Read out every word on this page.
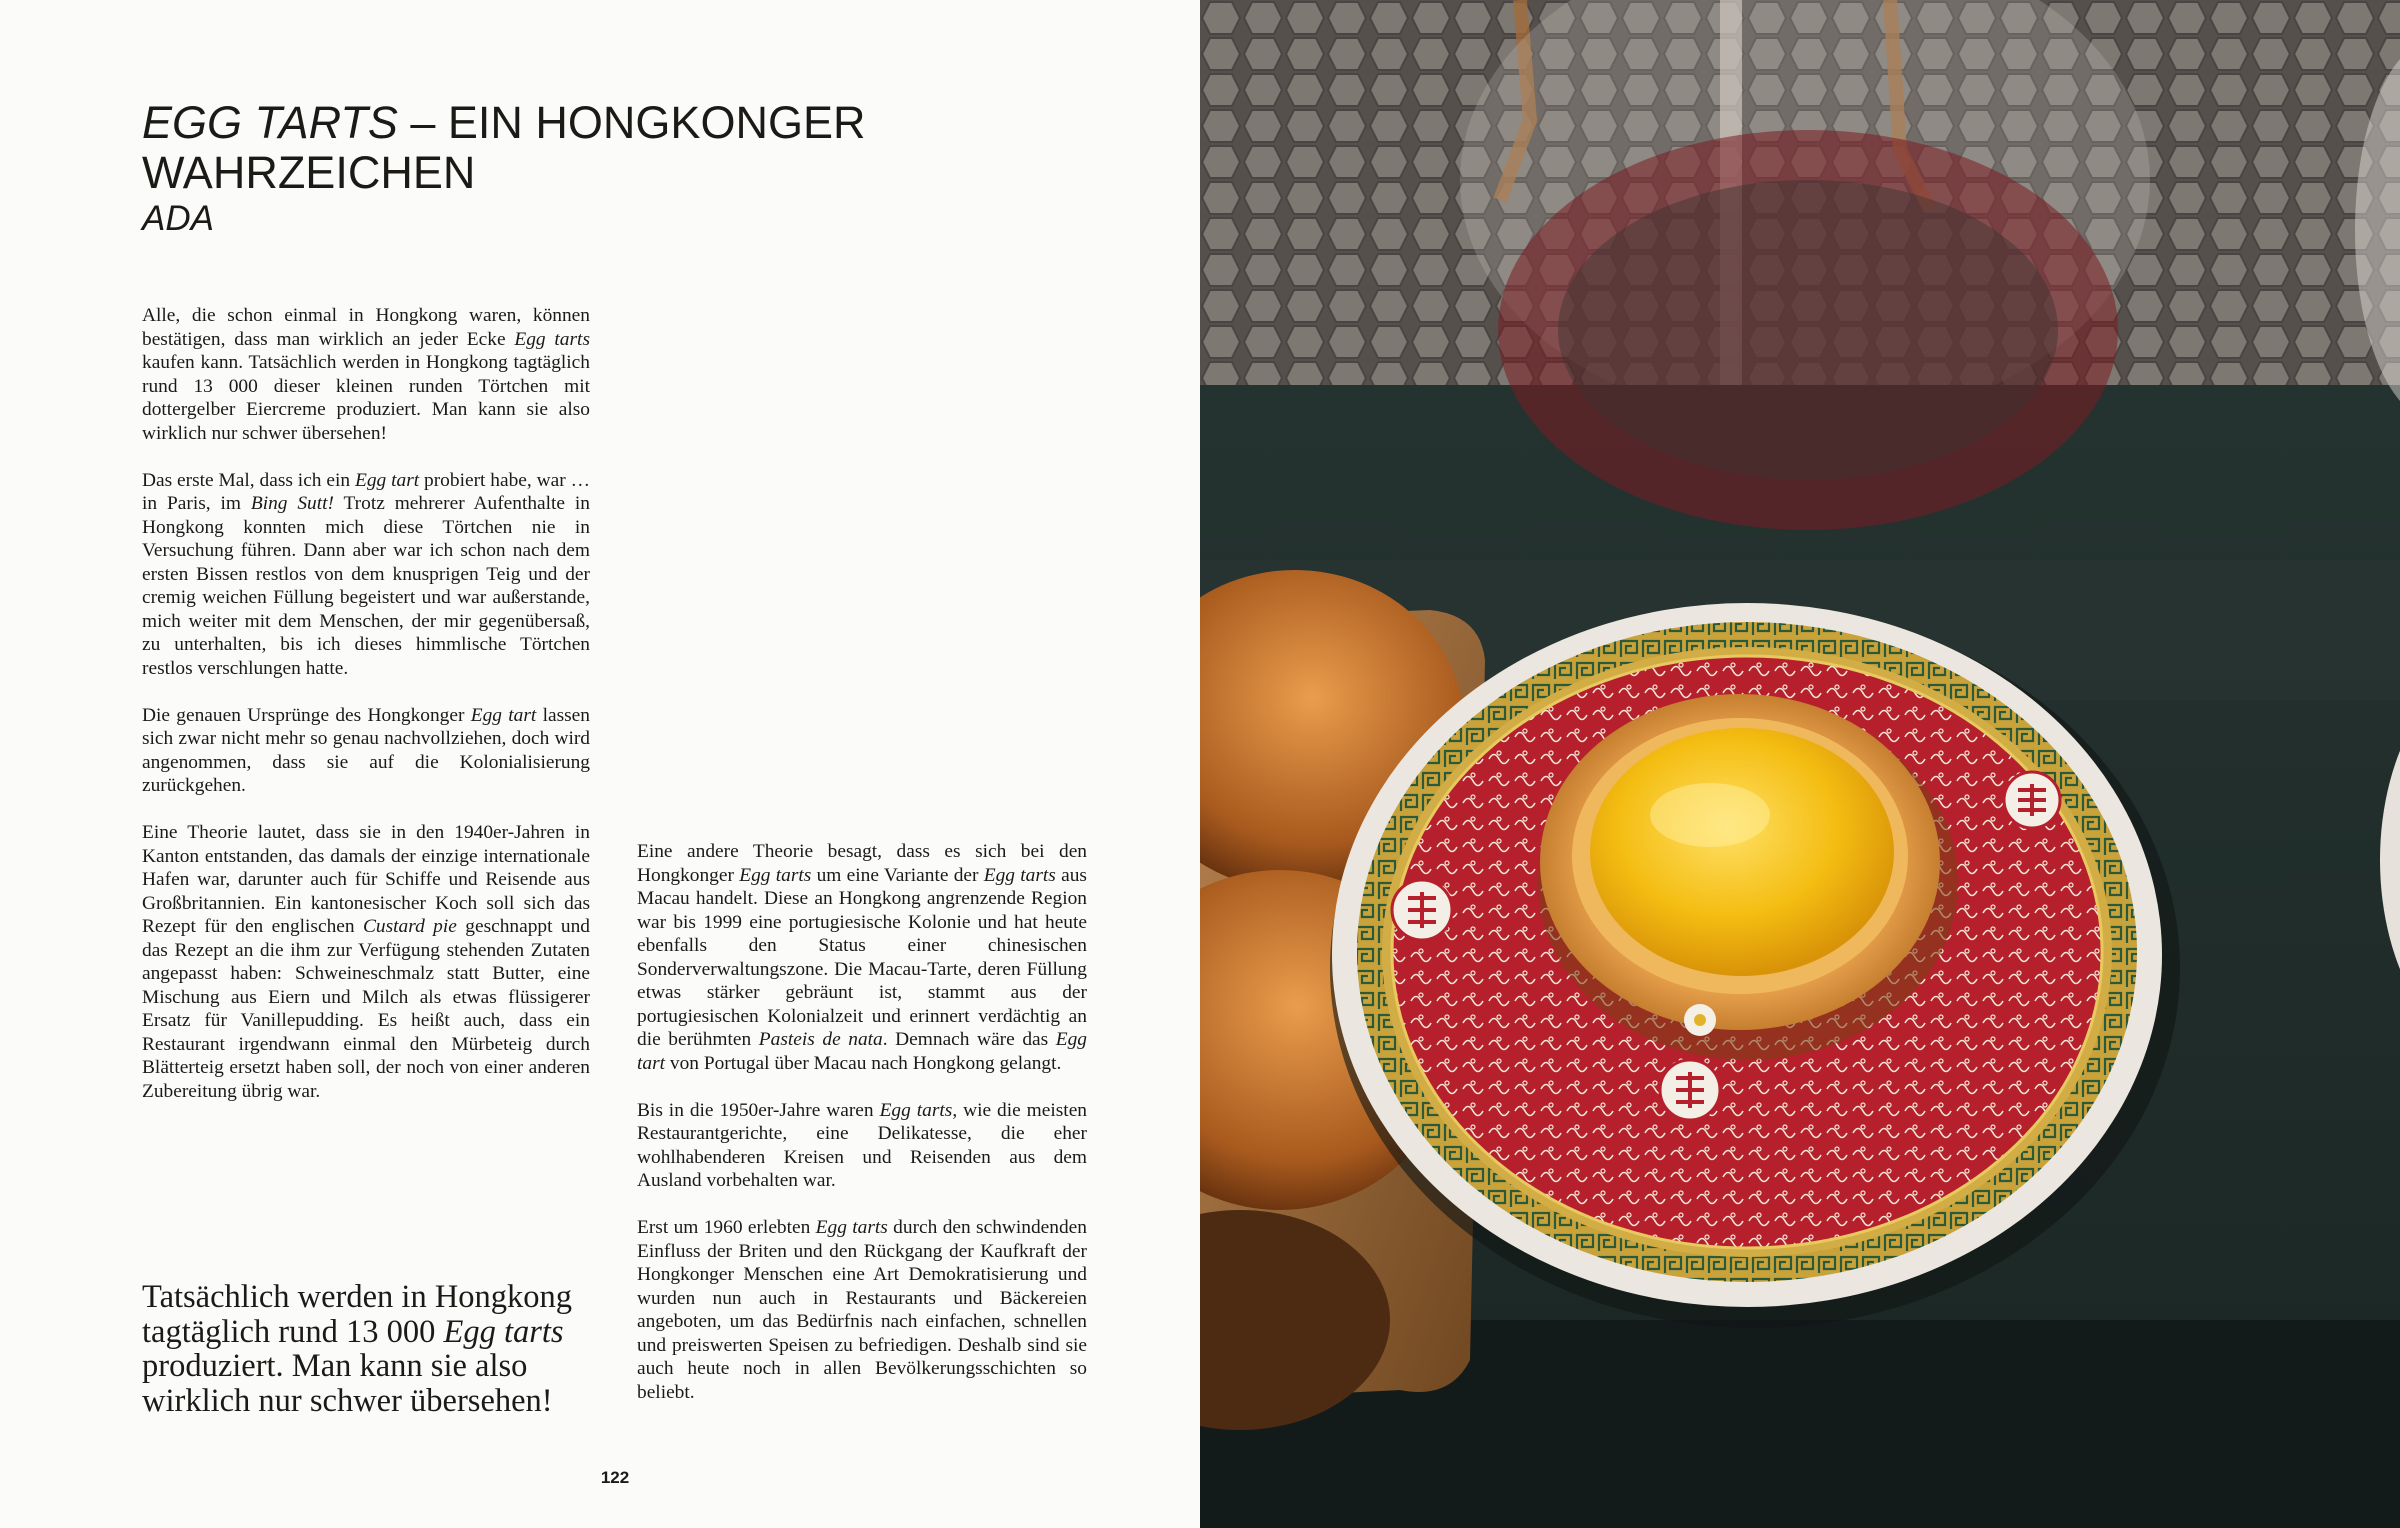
EGG TARTS – EIN HONGKONGER WAHRZEICHEN
ADA

Alle, die schon einmal in Hongkong waren, können bestätigen, dass man wirklich an jeder Ecke Egg tarts kaufen kann. Tatsächlich werden in Hongkong tagtäglich rund 13 000 dieser kleinen runden Törtchen mit dottergelber Eiercreme produziert. Man kann sie also wirklich nur schwer übersehen!

Das erste Mal, dass ich ein Egg tart probiert habe, war … in Paris, im Bing Sutt! Trotz mehrerer Aufenthalte in Hongkong konnten mich diese Törtchen nie in Versuchung führen. Dann aber war ich schon nach dem ersten Bissen restlos von dem knusprigen Teig und der cremig weichen Füllung begeistert und war außerstande, mich weiter mit dem Menschen, der mir gegenübersaß, zu unterhalten, bis ich dieses himmlische Törtchen restlos verschlungen hatte.

Die genauen Ursprünge des Hongkonger Egg tart lassen sich zwar nicht mehr so genau nachvollziehen, doch wird angenommen, dass sie auf die Kolonialisierung zurückgehen.

Eine Theorie lautet, dass sie in den 1940er-Jahren in Kanton entstanden, das damals der einzige internationale Hafen war, darunter auch für Schiffe und Reisende aus Großbritannien. Ein kantonesischer Koch soll sich das Rezept für den englischen Custard pie geschnappt und das Rezept an die ihm zur Verfügung stehenden Zutaten angepasst haben: Schweineschmalz statt Butter, eine Mischung aus Eiern und Milch als etwas flüssigerer Ersatz für Vanillepudding. Es heißt auch, dass ein Restaurant irgendwann einmal den Mürbeteig durch Blätterteig ersetzt haben soll, der noch von einer anderen Zubereitung übrig war.

Eine andere Theorie besagt, dass es sich bei den Hongkonger Egg tarts um eine Variante der Egg tarts aus Macau handelt. Diese an Hongkong angrenzende Region war bis 1999 eine portugiesische Kolonie und hat heute ebenfalls den Status einer chinesischen Sonderverwaltungszone. Die Macau-Tarte, deren Füllung etwas stärker gebräunt ist, stammt aus der portugiesischen Kolonialzeit und erinnert verdächtig an die berühmten Pasteis de nata. Demnach wäre das Egg tart von Portugal über Macau nach Hongkong gelangt.

Bis in die 1950er-Jahre waren Egg tarts, wie die meisten Restaurantgerichte, eine Delikatesse, die eher wohlhabenderen Kreisen und Reisenden aus dem Ausland vorbehalten war.

Erst um 1960 erlebten Egg tarts durch den schwindenden Einfluss der Briten und den Rückgang der Kaufkraft der Hongkonger Menschen eine Art Demokratisierung und wurden nun auch in Restaurants und Bäckereien angeboten, um das Bedürfnis nach einfachen, schnellen und preiswerten Speisen zu befriedigen. Deshalb sind sie auch heute noch in allen Bevölkerungsschichten so beliebt.

Tatsächlich werden in Hongkong tagtäglich rund 13 000 Egg tarts produziert. Man kann sie also wirklich nur schwer übersehen!
122
